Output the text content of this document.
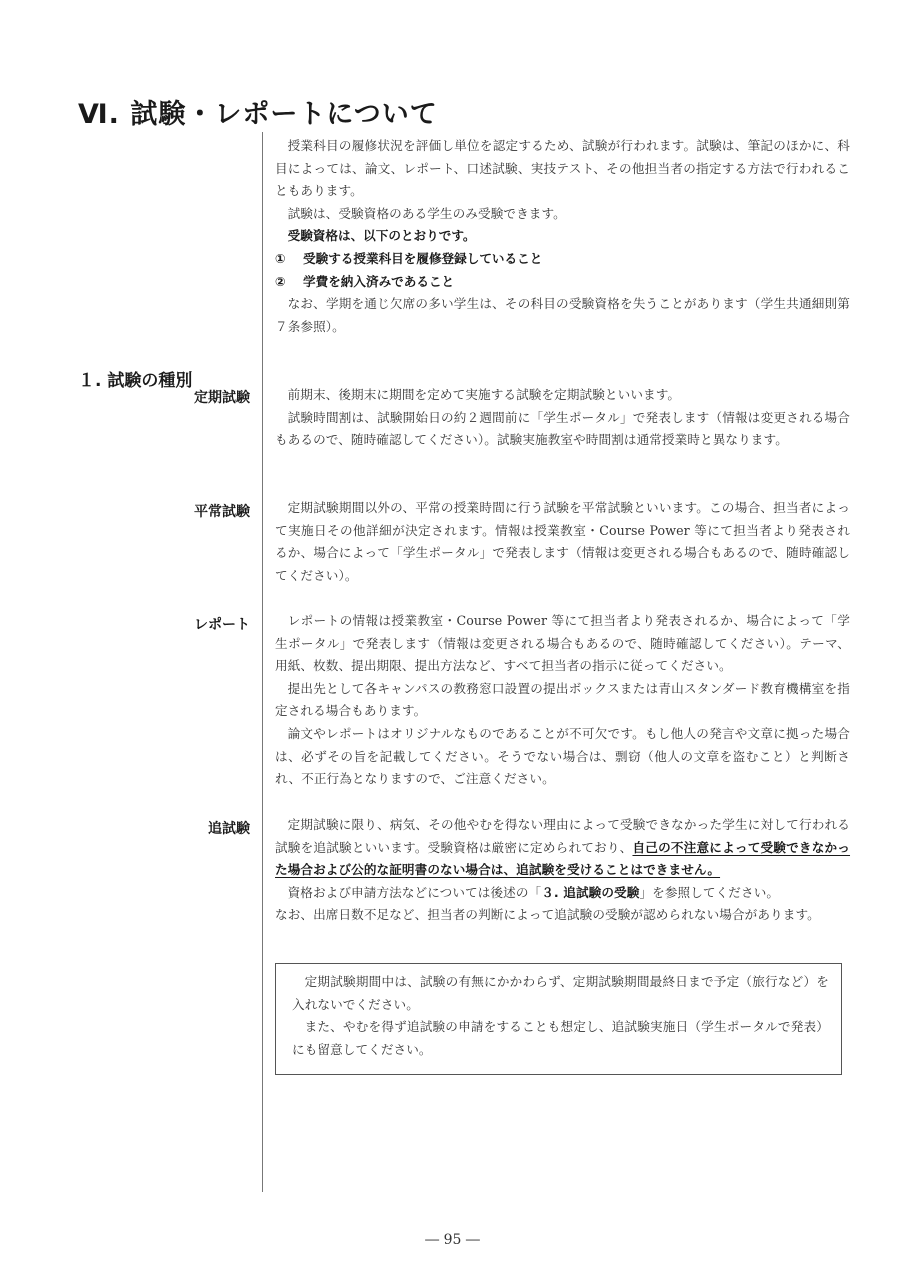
Ⅵ. 試験・レポートについて

授業科目の履修状況を評価し単位を認定するため、試験が行われます。試験は、筆記のほかに、科目によっては、論文、レポート、口述試験、実技テスト、その他担当者の指定する方法で行われることもあります。

試験は、受験資格のある学生のみ受験できます。

受験資格は、以下のとおりです。

①	受験する授業科目を履修登録していること
②	学費を納入済みであること

なお、学期を通じ欠席の多い学生は、その科目の受験資格を失うことがあります（学生共通細則第７条参照）。

１. 試験の種別

定期試験	前期末、後期末に期間を定めて実施する試験を定期試験といいます。

試験時間割は、試験開始日の約２週間前に「学生ポータル」で発表します（情報は変更される場合もあるので、随時確認してください）。試験実施教室や時間割は通常授業時と異なります。

平常試験	定期試験期間以外の、平常の授業時間に行う試験を平常試験といいます。この場合、担当者によって実施日その他詳細が決定されます。情報は授業教室・Course Power 等にて担当者より発表されるか、場合によって「学生ポータル」で発表します（情報は変更される場合もあるので、随時確認してください）。

レポート	レポートの情報は授業教室・Course Power 等にて担当者より発表されるか、場合によって「学生ポータル」で発表します（情報は変更される場合もあるので、随時確認してください）。テーマ、用紙、枚数、提出期限、提出方法など、すべて担当者の指示に従ってください。

提出先として各キャンパスの教務窓口設置の提出ボックスまたは青山スタンダード教育機構室を指定される場合もあります。

論文やレポートはオリジナルなものであることが不可欠です。もし他人の発言や文章に拠った場合は、必ずその旨を記載してください。そうでない場合は、剽窃（他人の文章を盗むこと）と判断され、不正行為となりますので、ご注意ください。

追試験	定期試験に限り、病気、その他やむを得ない理由によって受験できなかった学生に対して行われる試験を追試験といいます。受験資格は厳密に定められており、自己の不注意によって受験できなかった場合および公的な証明書のない場合は、追試験を受けることはできません。

資格および申請方法などについては後述の「３. 追試験の受験」を参照してください。

なお、出席日数不足など、担当者の判断によって追試験の受験が認められない場合があります。

定期試験期間中は、試験の有無にかかわらず、定期試験期間最終日まで予定（旅行など）を入れないでください。

また、やむを得ず追試験の申請をすることも想定し、追試験実施日（学生ポータルで発表）にも留意してください。

― 95 ―
